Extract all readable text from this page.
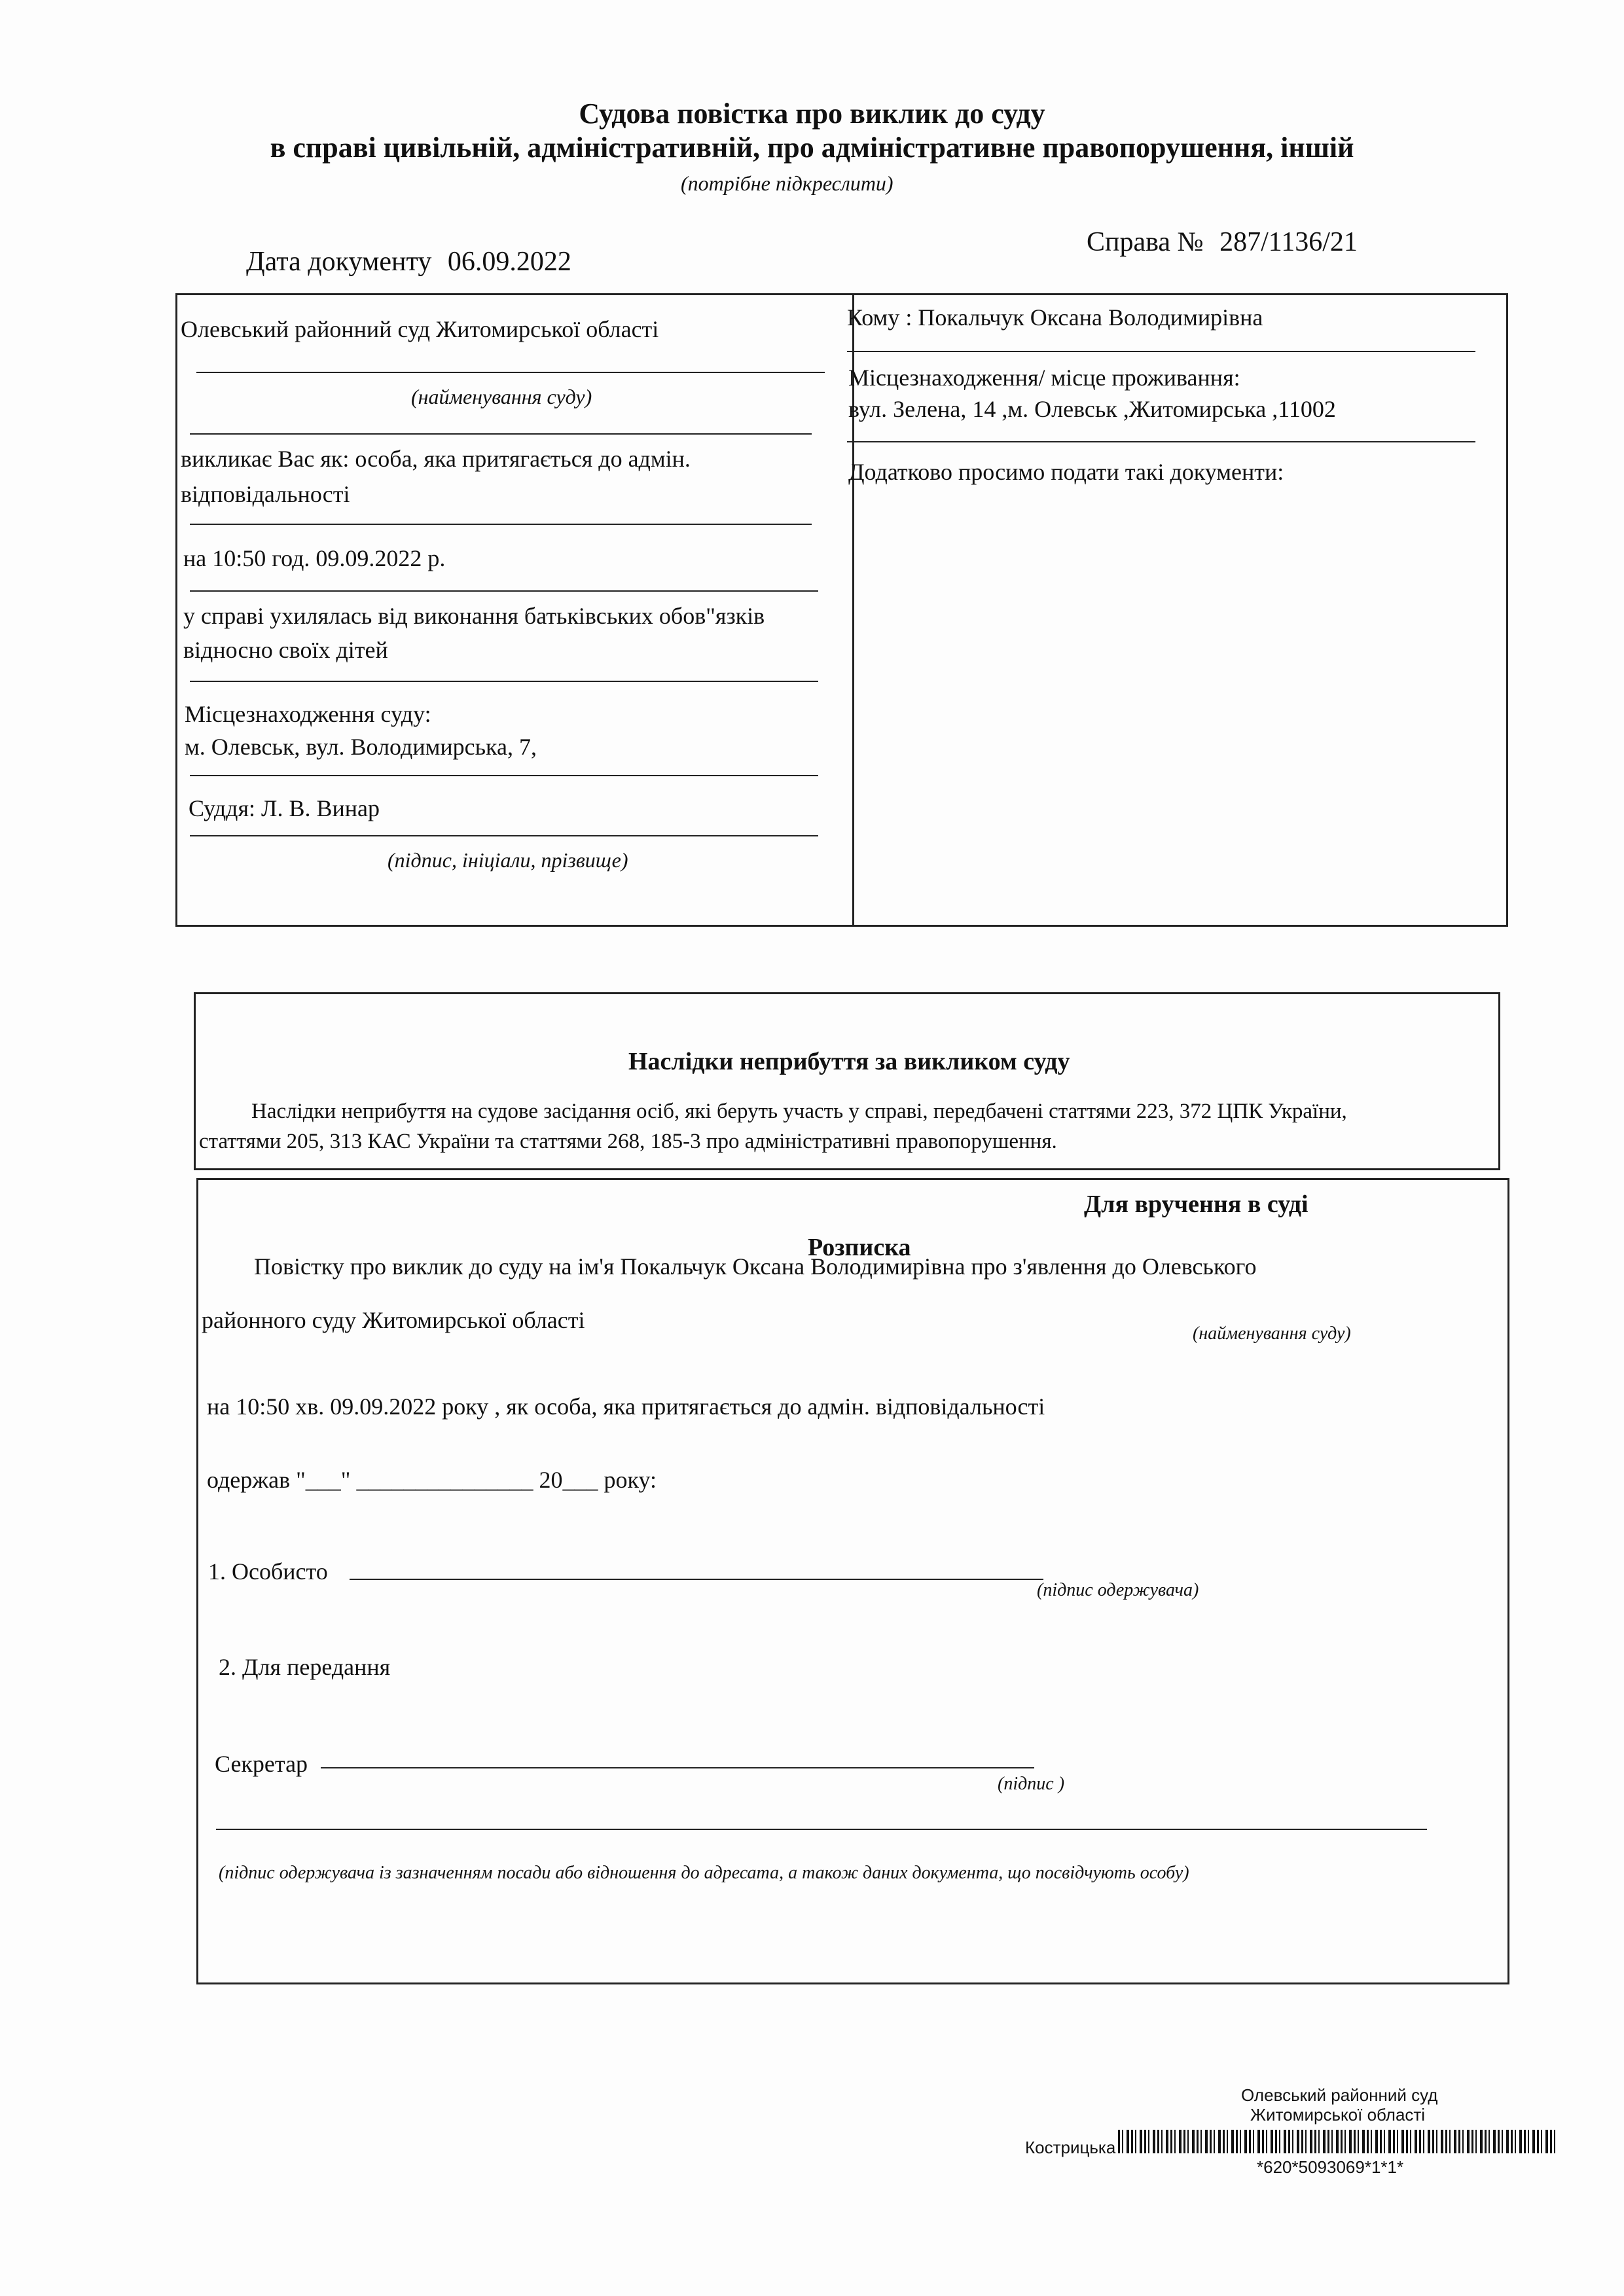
Судова повістка про виклик до суду
в справі цивільній, адміністративній, про адміністративне правопорушення, іншій
(потрібне підкреслити)
Дата документу 06.09.2022
Справа № 287/1136/21
Олевський районний суд Житомирської області
(найменування суду)
викликає Вас як: особа, яка притягається до адмін.
відповідальності
на 10:50 год. 09.09.2022 р.
у справі ухилялась від виконання батьківських обов"язків
відносно своїх дітей
Місцезнаходження суду:
м. Олевськ, вул. Володимирська, 7,
Суддя: Л. В. Винар
(підпис, ініціали, прізвище)
Кому : Покальчук Оксана Володимирівна
Місцезнаходження/ місце проживання:
вул. Зелена, 14 ,м. Олевськ ,Житомирська ,11002
Додатково просимо подати такі документи:
Наслідки неприбуття за викликом суду
Наслідки неприбуття на судове засідання осіб, які беруть участь у справі, передбачені статтями 223, 372 ЦПК України,
статтями 205, 313 КАС України та статтями 268, 185-3 про адміністративні правопорушення.
Для вручення в суді
Розписка
Повістку про виклик до суду на ім'я Покальчук Оксана Володимирівна про з'явлення до Олевського
районного суду Житомирської області
(найменування суду)
на 10:50 хв. 09.09.2022 року , як особа, яка притягається до адмін. відповідальності
одержав "___" _______________ 20___ року:
1. Особисто
(підпис одержувача)
2. Для передання
Секретар
(підпис )
(підпис одержувача із зазначенням посади або відношення до адресата, а також даних документа, що посвідчують особу)
Олевський районний суд
Житомирської області
Кострицька
*620*5093069*1*1*
